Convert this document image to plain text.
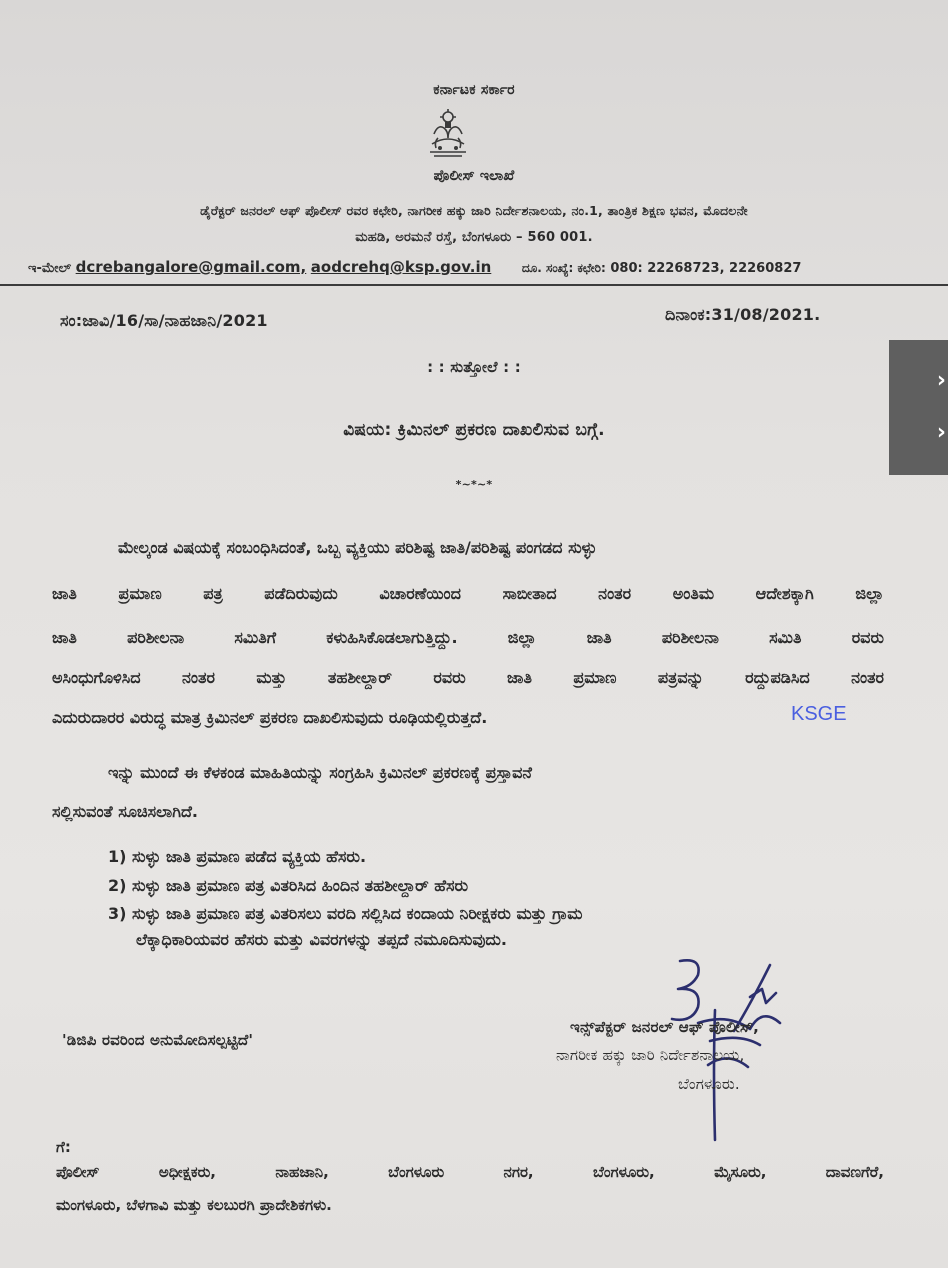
ಕರ್ನಾಟಕ ಸರ್ಕಾರ
ಪೊಲೀಸ್ ಇಲಾಖೆ
ಡೈರೆಕ್ಟರ್ ಜನರಲ್ ಆಫ್ ಪೊಲೀಸ್ ರವರ ಕಛೇರಿ, ನಾಗರೀಕ ಹಕ್ಕು ಜಾರಿ ನಿರ್ದೇಶನಾಲಯ, ನಂ.1, ತಾಂತ್ರಿಕ ಶಿಕ್ಷಣ ಭವನ, ಮೊದಲನೇ
ಮಹಡಿ, ಅರಮನೆ ರಸ್ತೆ, ಬೆಂಗಳೂರು – 560 001.
ಇ-ಮೇಲ್ dcrebangalore@gmail.com, aodcrehq@ksp.gov.in	ದೂ. ಸಂಖ್ಯೆ: ಕಛೇರಿ: 080: 22268723, 22260827
ಸಂ:ಜಾವಿ/16/ಸಾ/ನಾಹಜಾನಿ/2021	ದಿನಾಂಕ:31/08/2021.
: : ಸುತ್ತೋಲೆ : :
ವಿಷಯ: ಕ್ರಿಮಿನಲ್ ಪ್ರಕರಣ ದಾಖಲಿಸುವ ಬಗ್ಗೆ.
*~*~*
ಮೇಲ್ಕಂಡ ವಿಷಯಕ್ಕೆ ಸಂಬಂಧಿಸಿದಂತೆ, ಒಬ್ಬ ವ್ಯಕ್ತಿಯು ಪರಿಶಿಷ್ಟ ಜಾತಿ/ಪರಿಶಿಷ್ಟ ಪಂಗಡದ ಸುಳ್ಳು
ಜಾತಿ ಪ್ರಮಾಣ ಪತ್ರ ಪಡೆದಿರುವುದು ವಿಚಾರಣೆಯಿಂದ ಸಾಬೀತಾದ ನಂತರ ಅಂತಿಮ ಆದೇಶಕ್ಕಾಗಿ ಜಿಲ್ಲಾ
ಜಾತಿ ಪರಿಶೀಲನಾ ಸಮಿತಿಗೆ ಕಳುಹಿಸಿಕೊಡಲಾಗುತ್ತಿದ್ದು. ಜಿಲ್ಲಾ ಜಾತಿ ಪರಿಶೀಲನಾ ಸಮಿತಿ ರವರು
ಅಸಿಂಧುಗೊಳಿಸಿದ ನಂತರ ಮತ್ತು ತಹಶೀಲ್ದಾರ್ ರವರು ಜಾತಿ ಪ್ರಮಾಣ ಪತ್ರವನ್ನು ರದ್ದುಪಡಿಸಿದ ನಂತರ
ಎದುರುದಾರರ ವಿರುದ್ಧ ಮಾತ್ರ ಕ್ರಿಮಿನಲ್ ಪ್ರಕರಣ ದಾಖಲಿಸುವುದು ರೂಢಿಯಲ್ಲಿರುತ್ತದೆ.	KSGE
ಇನ್ನು ಮುಂದೆ ಈ ಕೆಳಕಂಡ ಮಾಹಿತಿಯನ್ನು ಸಂಗ್ರಹಿಸಿ ಕ್ರಿಮಿನಲ್ ಪ್ರಕರಣಕ್ಕೆ ಪ್ರಸ್ತಾವನೆ
ಸಲ್ಲಿಸುವಂತೆ ಸೂಚಿಸಲಾಗಿದೆ.
1) ಸುಳ್ಳು ಜಾತಿ ಪ್ರಮಾಣ ಪಡೆದ ವ್ಯಕ್ತಿಯ ಹೆಸರು.
2) ಸುಳ್ಳು ಜಾತಿ ಪ್ರಮಾಣ ಪತ್ರ ವಿತರಿಸಿದ ಹಿಂದಿನ ತಹಶೀಲ್ದಾರ್ ಹೆಸರು
3) ಸುಳ್ಳು ಜಾತಿ ಪ್ರಮಾಣ ಪತ್ರ ವಿತರಿಸಲು ವರದಿ ಸಲ್ಲಿಸಿದ ಕಂದಾಯ ನಿರೀಕ್ಷಕರು ಮತ್ತು ಗ್ರಾಮ
ಲೆಕ್ಕಾಧಿಕಾರಿಯವರ ಹೆಸರು ಮತ್ತು ವಿವರಗಳನ್ನು ತಪ್ಪದೆ ನಮೂದಿಸುವುದು.
'ಡಿಜಿಪಿ ರವರಿಂದ ಅನುಮೋದಿಸಲ್ಪಟ್ಟಿದೆ'
ಇನ್ಸ್‌ಪೆಕ್ಟರ್ ಜನರಲ್ ಆಫ್ ಪೊಲೀಸ್,
ನಾಗರೀಕ ಹಕ್ಕು ಜಾರಿ ನಿರ್ದೇಶನಾಲಯ,
ಬೆಂಗಳೂರು.
ಗೆ:
ಪೊಲೀಸ್ ಅಧೀಕ್ಷಕರು, ನಾಹಜಾನಿ, ಬೆಂಗಳೂರು ನಗರ, ಬೆಂಗಳೂರು, ಮೈಸೂರು, ದಾವಣಗೆರೆ,
ಮಂಗಳೂರು, ಬೆಳಗಾವಿ ಮತ್ತು ಕಲಬುರಗಿ ಪ್ರಾದೇಶಿಕಗಳು.
›
›
